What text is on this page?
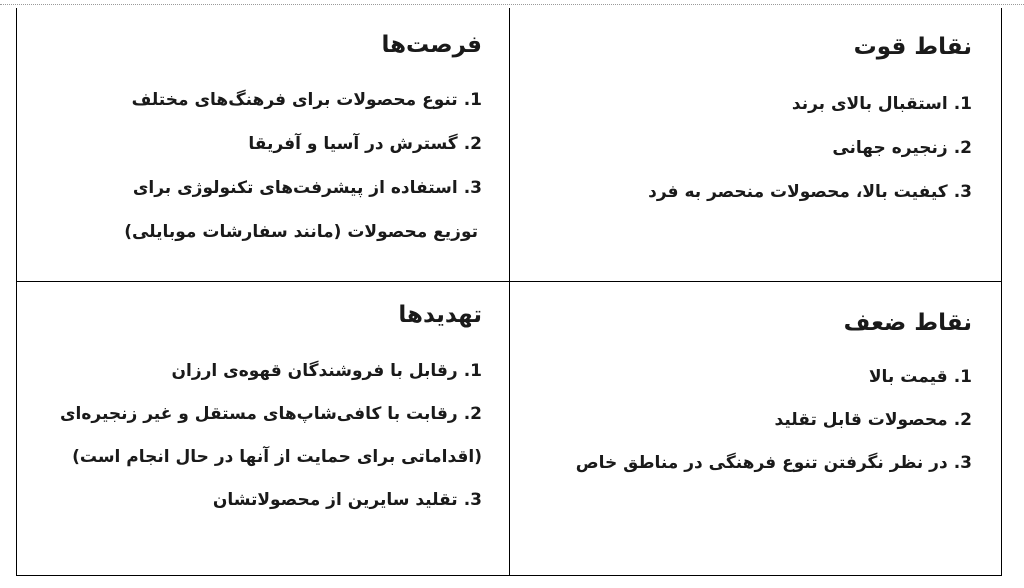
نقاط قوت
1.استقبال بالای برند
2.زنجیره جهانی
3.کیفیت بالا، محصولات منحصر به فرد
فرصت‌ها
1.تنوع محصولات برای فرهنگ‌های مختلف
2.گسترش در آسیا و آفریقا
3.استفاده از پیشرفت‌های تکنولوژی برای
توزیع محصولات (مانند سفارشات موبایلی)
نقاط ضعف
1.قیمت بالا
2.محصولات قابل تقلید
3.در نظر نگرفتن تنوع فرهنگی در مناطق خاص
تهدیدها
1.رقابل با فروشندگان قهوه‌ی ارزان
2.رقابت با کافی‌شاپ‌های مستقل و غیر زنجیره‌ای
(اقداماتی برای حمایت از آنها در حال انجام است)
3.تقلید سایرین از محصولاتشان
